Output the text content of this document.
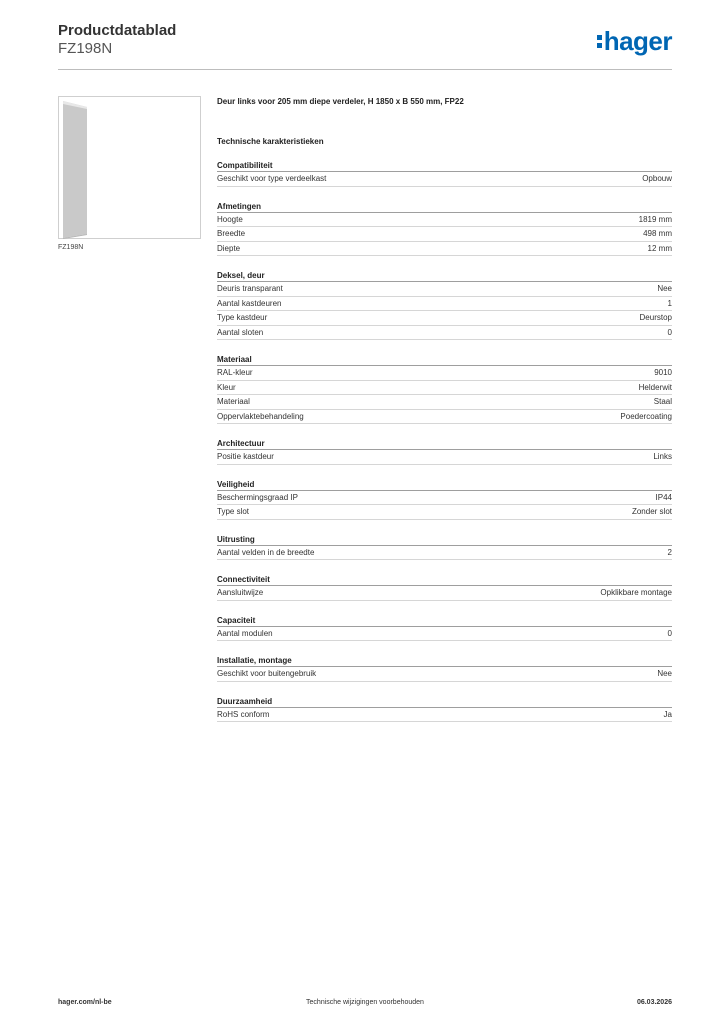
Productdatablad
FZ198N	hager
FZ198N
Deur links voor 205 mm diepe verdeler, H 1850 x B 550 mm, FP22
Technische karakteristieken
Compatibiliteit
Geschikt voor type verdeelkast	Opbouw
Afmetingen
Hoogte	1819 mm
Breedte	498 mm
Diepte	12 mm
Deksel, deur
Deuris transparant	Nee
Aantal kastdeuren	1
Type kastdeur	Deurstop
Aantal sloten	0
Materiaal
RAL-kleur	9010
Kleur	Helderwit
Materiaal	Staal
Oppervlaktebehandeling	Poedercoating
Architectuur
Positie kastdeur	Links
Veiligheid
Beschermingsgraad IP	IP44
Type slot	Zonder slot
Uitrusting
Aantal velden in de breedte	2
Connectiviteit
Aansluitwijze	Opklikbare montage
Capaciteit
Aantal modulen	0
Installatie, montage
Geschikt voor buitengebruik	Nee
Duurzaamheid
RoHS conform	Ja
hager.com/nl-be	Technische wijzigingen voorbehouden	06.03.2026
